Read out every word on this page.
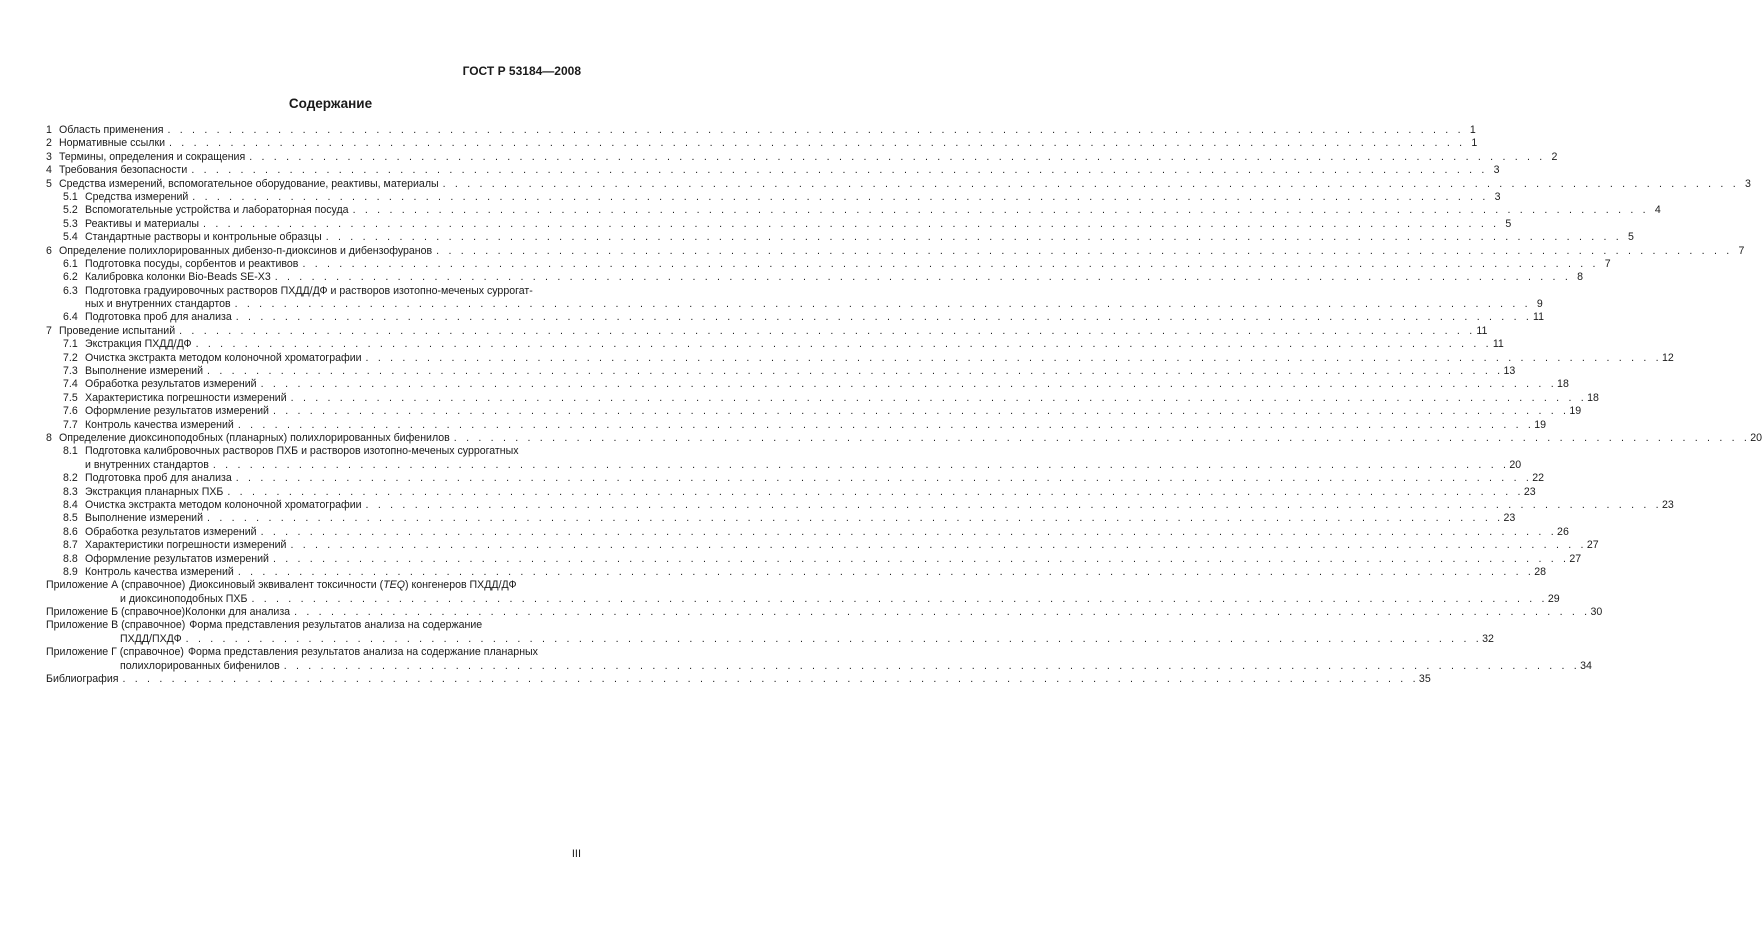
ГОСТ Р 53184—2008
Содержание
1 Область применения . . .	1
2 Нормативные ссылки . . .	1
3 Термины, определения и сокращения . . .	2
4 Требования безопасности . . .	3
5 Средства измерений, вспомогательное оборудование, реактивы, материалы . . .	3
5.1 Средства измерений . . .	3
5.2 Вспомогательные устройства и лабораторная посуда . . .	4
5.3 Реактивы и материалы . . .	5
5.4 Стандартные растворы и контрольные образцы . . .	5
6 Определение полихлорированных дибензо-п-диоксинов и дибензофуранов . . .	7
6.1 Подготовка посуды, сорбентов и реактивов . . .	7
6.2 Калибровка колонки Bio-Beads SE-X3 . . .	8
6.3 Подготовка градуировочных растворов ПХДД/ДФ и растворов изотопно-меченых суррогат-
ных и внутренних стандартов . . .	9
6.4 Подготовка проб для анализа . . .	11
7 Проведение испытаний . . .	11
7.1 Экстракция ПХДД/ДФ . . .	11
7.2 Очистка экстракта методом колоночной хроматографии . . .	12
7.3 Выполнение измерений . . .	13
7.4 Обработка результатов измерений . . .	18
7.5 Характеристика погрешности измерений . . .	18
7.6 Оформление результатов измерений . . .	19
7.7 Контроль качества измерений . . .	19
8 Определение диоксиноподобных (планарных) полихлорированных бифенилов . . .	20
8.1 Подготовка калибровочных растворов ПХБ и растворов изотопно-меченых суррогатных
и внутренних стандартов . . .	20
8.2 Подготовка проб для анализа . . .	22
8.3 Экстракция планарных ПХБ . . .	23
8.4 Очистка экстракта методом колоночной хроматографии . . .	23
8.5 Выполнение измерений . . .	23
8.6 Обработка результатов измерений . . .	26
8.7 Характеристики погрешности измерений . . .	27
8.8 Оформление результатов измерений . . .	27
8.9 Контроль качества измерений . . .	28
Приложение А (справочное) Диоксиновый эквивалент токсичности (TEQ) конгенеров ПХДД/ДФ
и диоксиноподобных ПХБ . . .	29
Приложение Б (справочное) Колонки для анализа . . .	30
Приложение В (справочное) Форма представления результатов анализа на содержание
ПХДД/ПХДФ . . .	32
Приложение Г (справочное) Форма представления результатов анализа на содержание планарных
полихлорированных бифенилов . . .	34
Библиография . . .	35
III
